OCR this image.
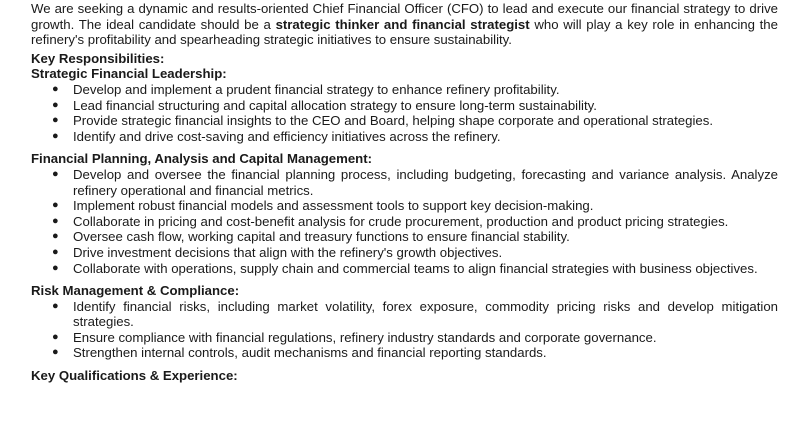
We are seeking a dynamic and results-oriented Chief Financial Officer (CFO) to lead and execute our financial strategy to drive growth. The ideal candidate should be a strategic thinker and financial strategist who will play a key role in enhancing the refinery's profitability and spearheading strategic initiatives to ensure sustainability.

Key Responsibilities:

Strategic Financial Leadership:

● Develop and implement a prudent financial strategy to enhance refinery profitability.
● Lead financial structuring and capital allocation strategy to ensure long-term sustainability.
● Provide strategic financial insights to the CEO and Board, helping shape corporate and operational strategies.
● Identify and drive cost-saving and efficiency initiatives across the refinery.

Financial Planning, Analysis and Capital Management:

● Develop and oversee the financial planning process, including budgeting, forecasting and variance analysis. Analyze refinery operational and financial metrics.
● Implement robust financial models and assessment tools to support key decision-making.
● Collaborate in pricing and cost-benefit analysis for crude procurement, production and product pricing strategies.
● Oversee cash flow, working capital and treasury functions to ensure financial stability.
● Drive investment decisions that align with the refinery's growth objectives.
● Collaborate with operations, supply chain and commercial teams to align financial strategies with business objectives.

Risk Management & Compliance:

● Identify financial risks, including market volatility, forex exposure, commodity pricing risks and develop mitigation strategies.
● Ensure compliance with financial regulations, refinery industry standards and corporate governance.
● Strengthen internal controls, audit mechanisms and financial reporting standards.

Key Qualifications & Experience:
